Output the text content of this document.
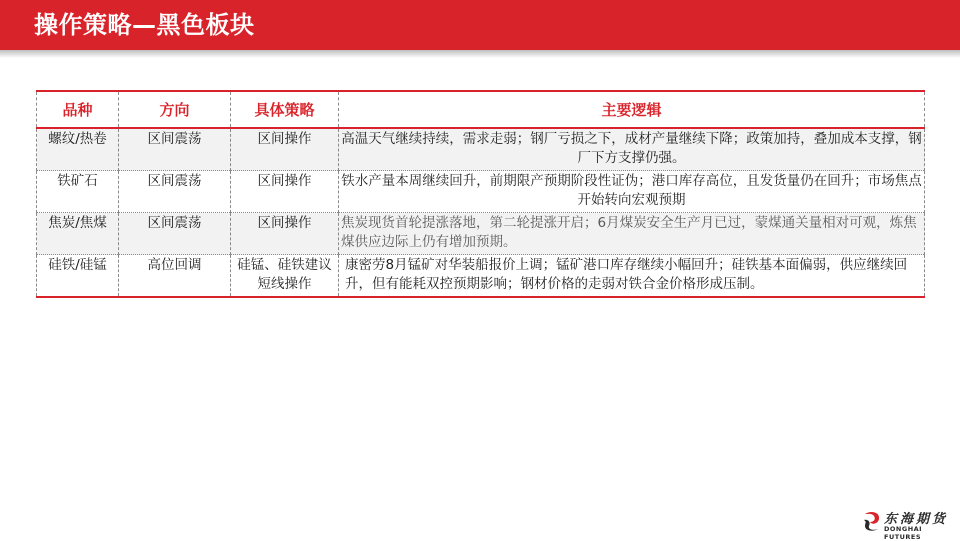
操作策略—黑色板块
品种	方向	具体策略	主要逻辑
螺纹/热卷	区间震荡	区间操作	高温天气继续持续，需求走弱；钢厂亏损之下，成材产量继续下降；政策加持，叠加成本支撑，钢厂下方支撑仍强。
铁矿石	区间震荡	区间操作	铁水产量本周继续回升，前期限产预期阶段性证伪；港口库存高位，且发货量仍在回升；市场焦点开始转向宏观预期
焦炭/焦煤	区间震荡	区间操作	焦炭现货首轮提涨落地，第二轮提涨开启；6月煤炭安全生产月已过，蒙煤通关量相对可观，炼焦煤供应边际上仍有增加预期。
硅铁/硅锰	高位回调	硅锰、硅铁建议短线操作	康密劳8月锰矿对华装船报价上调；锰矿港口库存继续小幅回升；硅铁基本面偏弱，供应继续回升，但有能耗双控预期影响；钢材价格的走弱对铁合金价格形成压制。
东海期货
DONGHAI FUTURES
